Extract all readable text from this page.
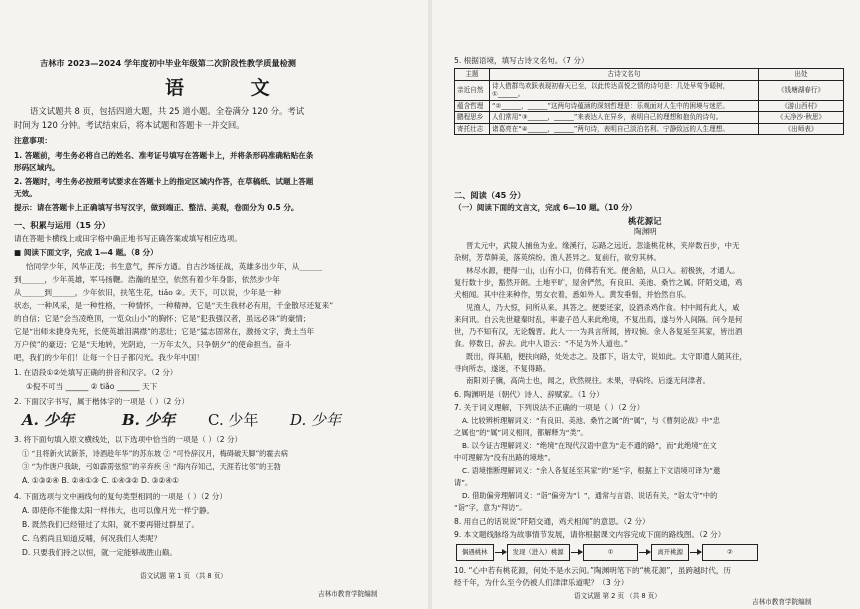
吉林市 2023—2024 学年度初中毕业年级第二次阶段性教学质量检测
语 文
语文试题共 8 页，包括四道大题，共 25 道小题。全卷满分 120 分。考试
时间为 120 分钟。考试结束后，将本试题和答题卡一并交回。
注意事项：
1. 答题前，考生务必将自己的姓名、准考证号填写在答题卡上，并将条形码准确粘贴在条
形码区域内。
2. 答题时，考生务必按照考试要求在答题卡上的指定区域内作答，在草稿纸、试题上答题
无效。
提示：请在答题卡上正确填写书写汉字，做到端正、整洁、美观，卷面分为 0.5 分。
一、积累与运用（15 分）
请在答题卡横线上或田字格中确正地书写正确答案或填写相应选项。
■ 阅读下面文字，完成 1—4 题。（8 分）
恰同学少年，风华正茂；书生意气，挥斥方遒。自古沙场征战，英雄多出少年，从______
到______，少年英雄，军马扬鞭。浩瀚的星空，依然有着少年身影，依然步少年
从______到______，少年依旧，扶笔生花，tiǎo ②。天下，可以说，少年是一种
状态，一种风采，是一种性格，一种情怀，一种精神。它是“天生我材必有用，千金散尽还复来”
的自信；它是“会当凌绝顶，一览众山小”的胸怀；它是“犯我强汉者，虽远必诛”的豪情；
它是“出师未捷身先死，长使英雄泪满襟”的悲壮；它是“猛志固常在，激扬文字，粪土当年
万户侯”的豪迈；它是“天地转，光阴迫，一万年太久，只争朝夕”的使命担当。奋斗
吧，我们的少年们！让每一个日子都闪光。我少年中国！
1. 在语段①②处填写正确的拼音和汉字。（2 分）
①倪不可当 ______ ② tiǎo ______ 天下
2. 下面汉字书写，属于楷体字的一项是（ ）（2 分）
A. 少年	B. 少年 C. 少年 D. 少年
3. 将下面句填入原文横线处，以下选项中恰当的一项是（ ）（2 分）
① “且将新火试新茶，诗酒趁年华”的苏东坡 ② “可怜辞汉月，梅碍破天脚”的霍去病
③ “为作唐户我缺，弓如霹雳弦惊”的辛弃疾 ④ “海内存知己，天涯若比邻”的王勃
A. ①③②④ B. ②④①③ C. ①④③② D. ③②④①
4. 下面选项与文中画线句的复句类型相同的一项是（ ）（2 分）
A. 即使你不能像太阳一样伟大，也可以像月光一样宁静。
B. 既然我们已经错过了太阳，就不要再错过群星了。
C. 乌鸦尚且知道反哺，何况我们人类呢？
D. 只要我们持之以恒，就一定能够战胜山巅。
语文试题 第 1 页 （共 8 页）
吉林市教育学院编制
5. 根据语境，填写古诗文名句。（7 分）
主题	古诗文名句	出处
亲近自然	诗人借群鸟欢跃表现初春天已至，以此传达喜悦之情的诗句是：几处早莺争暖树，①______。	《钱塘湖春行》
蕴含哲理	“②______，______”这两句诗蕴涵的深刻哲理是：乐观面对人生中的困境与迷茫。	《游山西村》
鹏程思乡	人们常用“③______，______”来表达人在异乡，表明自己的理想和抱负的诗句。	《天净沙·秋思》
寄托壮志	诸葛亮在“④______，______”两句诗，表明自己淡泊名利、宁静致远的人生理想。	《出师表》
二、阅读（45 分）
（一）阅读下面的文言文，完成 6—10 题。（10 分）
桃花源记
陶渊明
晋太元中，武陵人捕鱼为业。缘溪行，忘路之远近。忽逢桃花林，夹岸数百步，中无
杂树，芳草鲜美，落英缤纷。渔人甚异之。复前行，欲穷其林。
林尽水源，便得一山，山有小口，仿佛若有光。便舍船，从口入。初极狭，才通人。
复行数十步，豁然开朗。土地平旷，屋舍俨然，有良田、美池、桑竹之属。阡陌交通，鸡
犬相闻。其中往来种作，男女衣着，悉如外人。黄发垂髫，并怡然自乐。
见渔人，乃大惊，问所从来。具答之。便要还家，设酒杀鸡作食。村中闻有此人，咸
来问讯。自云先世避秦时乱，率妻子邑人来此绝境，不复出焉，遂与外人间隔。问今是何
世，乃不知有汉，无论魏晋。此人一一为具言所闻，皆叹惋。余人各复延至其家，皆出酒
食。停数日，辞去。此中人语云：“不足为外人道也。”
既出，得其船，便扶向路，处处志之。及郡下，诣太守，说如此。太守即遣人随其往，
寻向所志，遂迷，不复得路。
南阳刘子骥，高尚士也，闻之，欣然规往。未果，寻病终。后遂无问津者。
6. 陶渊明是（朝代）诗人、辞赋家。（1 分）
7. 关于词义理解，下列说法不正确的一项是（ ）（2 分）
A. 比较辨析理解词义：“有良田、美池、桑竹之属”的“属”，与《曹刿论战》中“忠
之属也”的“属”词义相同，都解释为“类”。
B. 以今证古理解词义：“绝境”在现代汉语中意为“走不通的路”，而“此绝境”在文
中可理解为“没有出路的境地”。
C. 语境推断理解词义：“余人各复延至其家”的“延”字，根据上下文语境可译为“邀
请”。
D. 借助偏旁理解词义：“诣”偏旁为“讠”，通常与言语、说话有关，“诣太守”中的
“诣”字，意为“拜访”。
8. 用自己的话说说“阡陌交通，鸡犬相闻”的意思。（2 分）
9. 本文题线脉络为故事情节发展，请你根据课文内容完成下面的路线图。（2 分）
偶遇桃林	发现（进入）桃源	①	离开桃源	②
10. “心中若有桃花源，何处不是水云间。”陶渊明笔下的“桃花源”，虽跨越时代，历
经千年，为什么至今仍被人们津津乐道呢？（3 分）
语文试题 第 2 页 （共 8 页）
吉林市教育学院编制
